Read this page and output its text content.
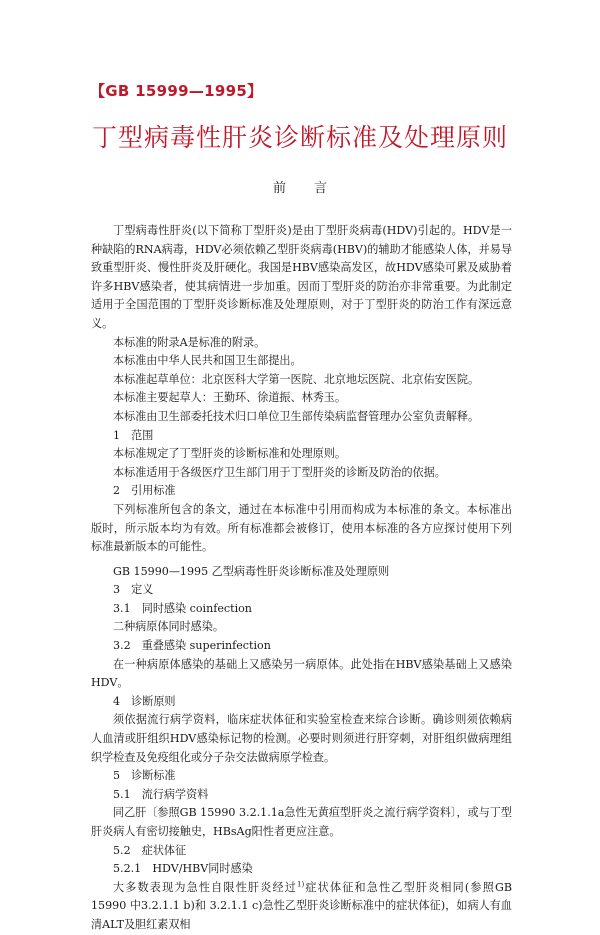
【GB 15999—1995】
丁型病毒性肝炎诊断标准及处理原则
前言

丁型病毒性肝炎(以下简称丁型肝炎)是由丁型肝炎病毒(HDV)引起的。HDV是一种缺陷的RNA病毒，HDV必须依赖乙型肝炎病毒(HBV)的辅助才能感染人体，并易导致重型肝炎、慢性肝炎及肝硬化。我国是HBV感染高发区，故HDV感染可累及威胁着许多HBV感染者，使其病情进一步加重。因而丁型肝炎的防治亦非常重要。为此制定适用于全国范围的丁型肝炎诊断标准及处理原则，对于丁型肝炎的防治工作有深远意义。

本标准的附录A是标准的附录。

本标准由中华人民共和国卫生部提出。

本标准起草单位：北京医科大学第一医院、北京地坛医院、北京佑安医院。

本标准主要起草人：王勤环、徐道振、林秀玉。

本标准由卫生部委托技术归口单位卫生部传染病监督管理办公室负责解释。

1　范围

本标准规定了丁型肝炎的诊断标准和处理原则。

本标准适用于各级医疗卫生部门用于丁型肝炎的诊断及防治的依据。

2　引用标准

下列标准所包含的条文，通过在本标准中引用而构成为本标准的条文。本标准出版时，所示版本均为有效。所有标准都会被修订，使用本标准的各方应探讨使用下列标准最新版本的可能性。

GB 15990—1995 乙型病毒性肝炎诊断标准及处理原则

3　定义

3.1　同时感染 coinfection

二种病原体同时感染。

3.2　重叠感染 superinfection

在一种病原体感染的基础上又感染另一病原体。此处指在HBV感染基础上又感染HDV。

4　诊断原则

须依据流行病学资料，临床症状体征和实验室检查来综合诊断。确诊则须依赖病人血清或肝组织HDV感染标记物的检测。必要时则须进行肝穿刺，对肝组织做病理组织学检查及免疫组化或分子杂交法做病原学检查。

5　诊断标准

5.1　流行病学资料

同乙肝〔参照GB 15990 3.2.1.1a急性无黄疸型肝炎之流行病学资料〕，或与丁型肝炎病人有密切接触史，HBsAg阳性者更应注意。

5.2　症状体征

5.2.1　HDV/HBV同时感染

大多数表现为急性自限性肝炎经过$^{1)}$症状体征和急性乙型肝炎相同(参照GB 15990 中3.2.1.1 b)和 3.2.1.1 c)急性乙型肝炎诊断标准中的症状体征)，如病人有血清ALT及胆红素双相
